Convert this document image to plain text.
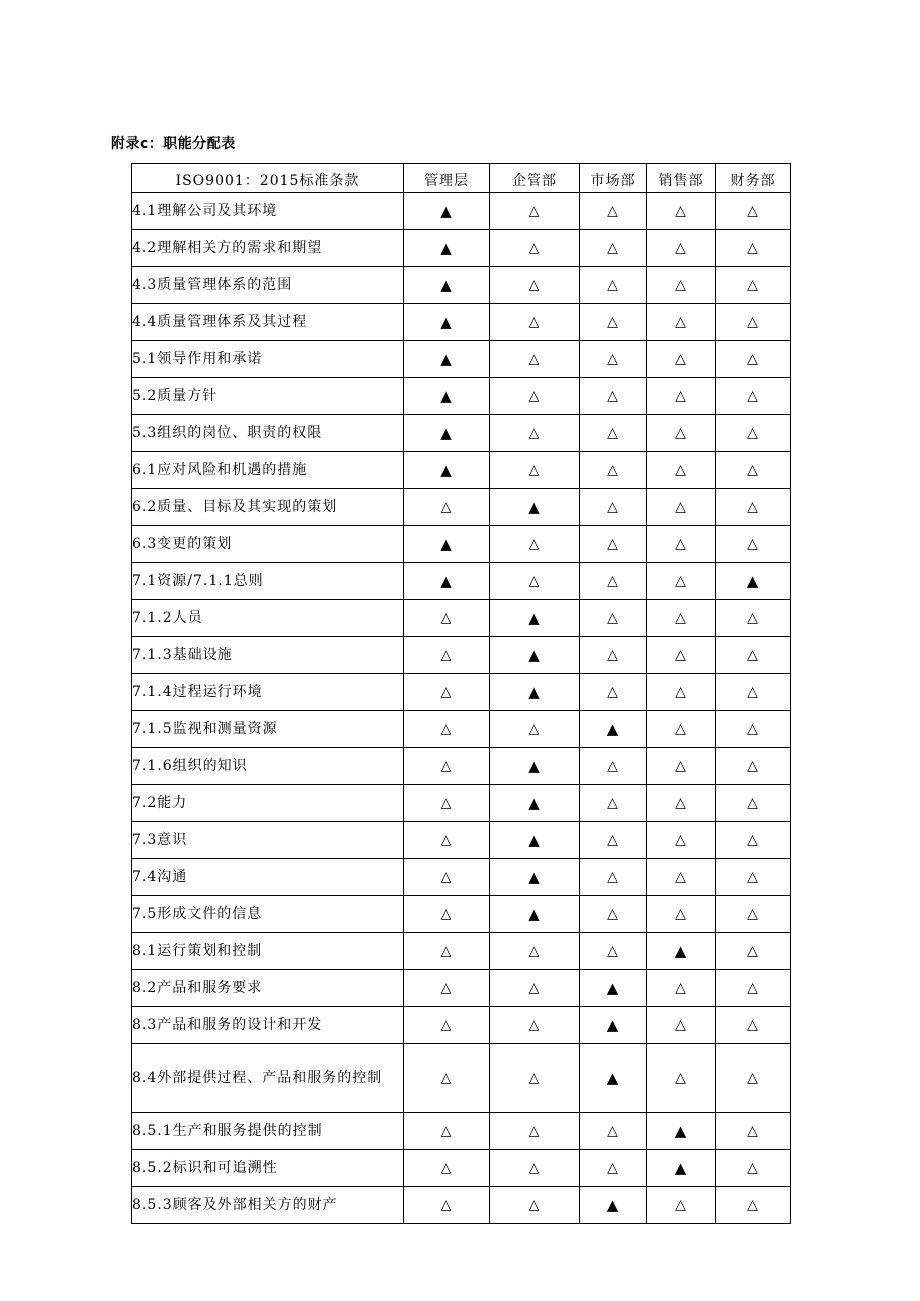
附录c：职能分配表
ISO9001：2015标准条款	管理层	企管部	市场部	销售部	财务部
4.1理解公司及其环境	▲	△	△	△	△
4.2理解相关方的需求和期望	▲	△	△	△	△
4.3质量管理体系的范围	▲	△	△	△	△
4.4质量管理体系及其过程	▲	△	△	△	△
5.1领导作用和承诺	▲	△	△	△	△
5.2质量方针	▲	△	△	△	△
5.3组织的岗位、职责的权限	▲	△	△	△	△
6.1应对风险和机遇的措施	▲	△	△	△	△
6.2质量、目标及其实现的策划	△	▲	△	△	△
6.3变更的策划	▲	△	△	△	△
7.1资源/7.1.1总则	▲	△	△	△	▲
7.1.2人员	△	▲	△	△	△
7.1.3基础设施	△	▲	△	△	△
7.1.4过程运行环境	△	▲	△	△	△
7.1.5监视和测量资源	△	△	▲	△	△
7.1.6组织的知识	△	▲	△	△	△
7.2能力	△	▲	△	△	△
7.3意识	△	▲	△	△	△
7.4沟通	△	▲	△	△	△
7.5形成文件的信息	△	▲	△	△	△
8.1运行策划和控制	△	△	△	▲	△
8.2产品和服务要求	△	△	▲	△	△
8.3产品和服务的设计和开发	△	△	▲	△	△
8.4外部提供过程、产品和服务的控制	△	△	▲	△	△
8.5.1生产和服务提供的控制	△	△	△	▲	△
8.5.2标识和可追溯性	△	△	△	▲	△
8.5.3顾客及外部相关方的财产	△	△	▲	△	△
